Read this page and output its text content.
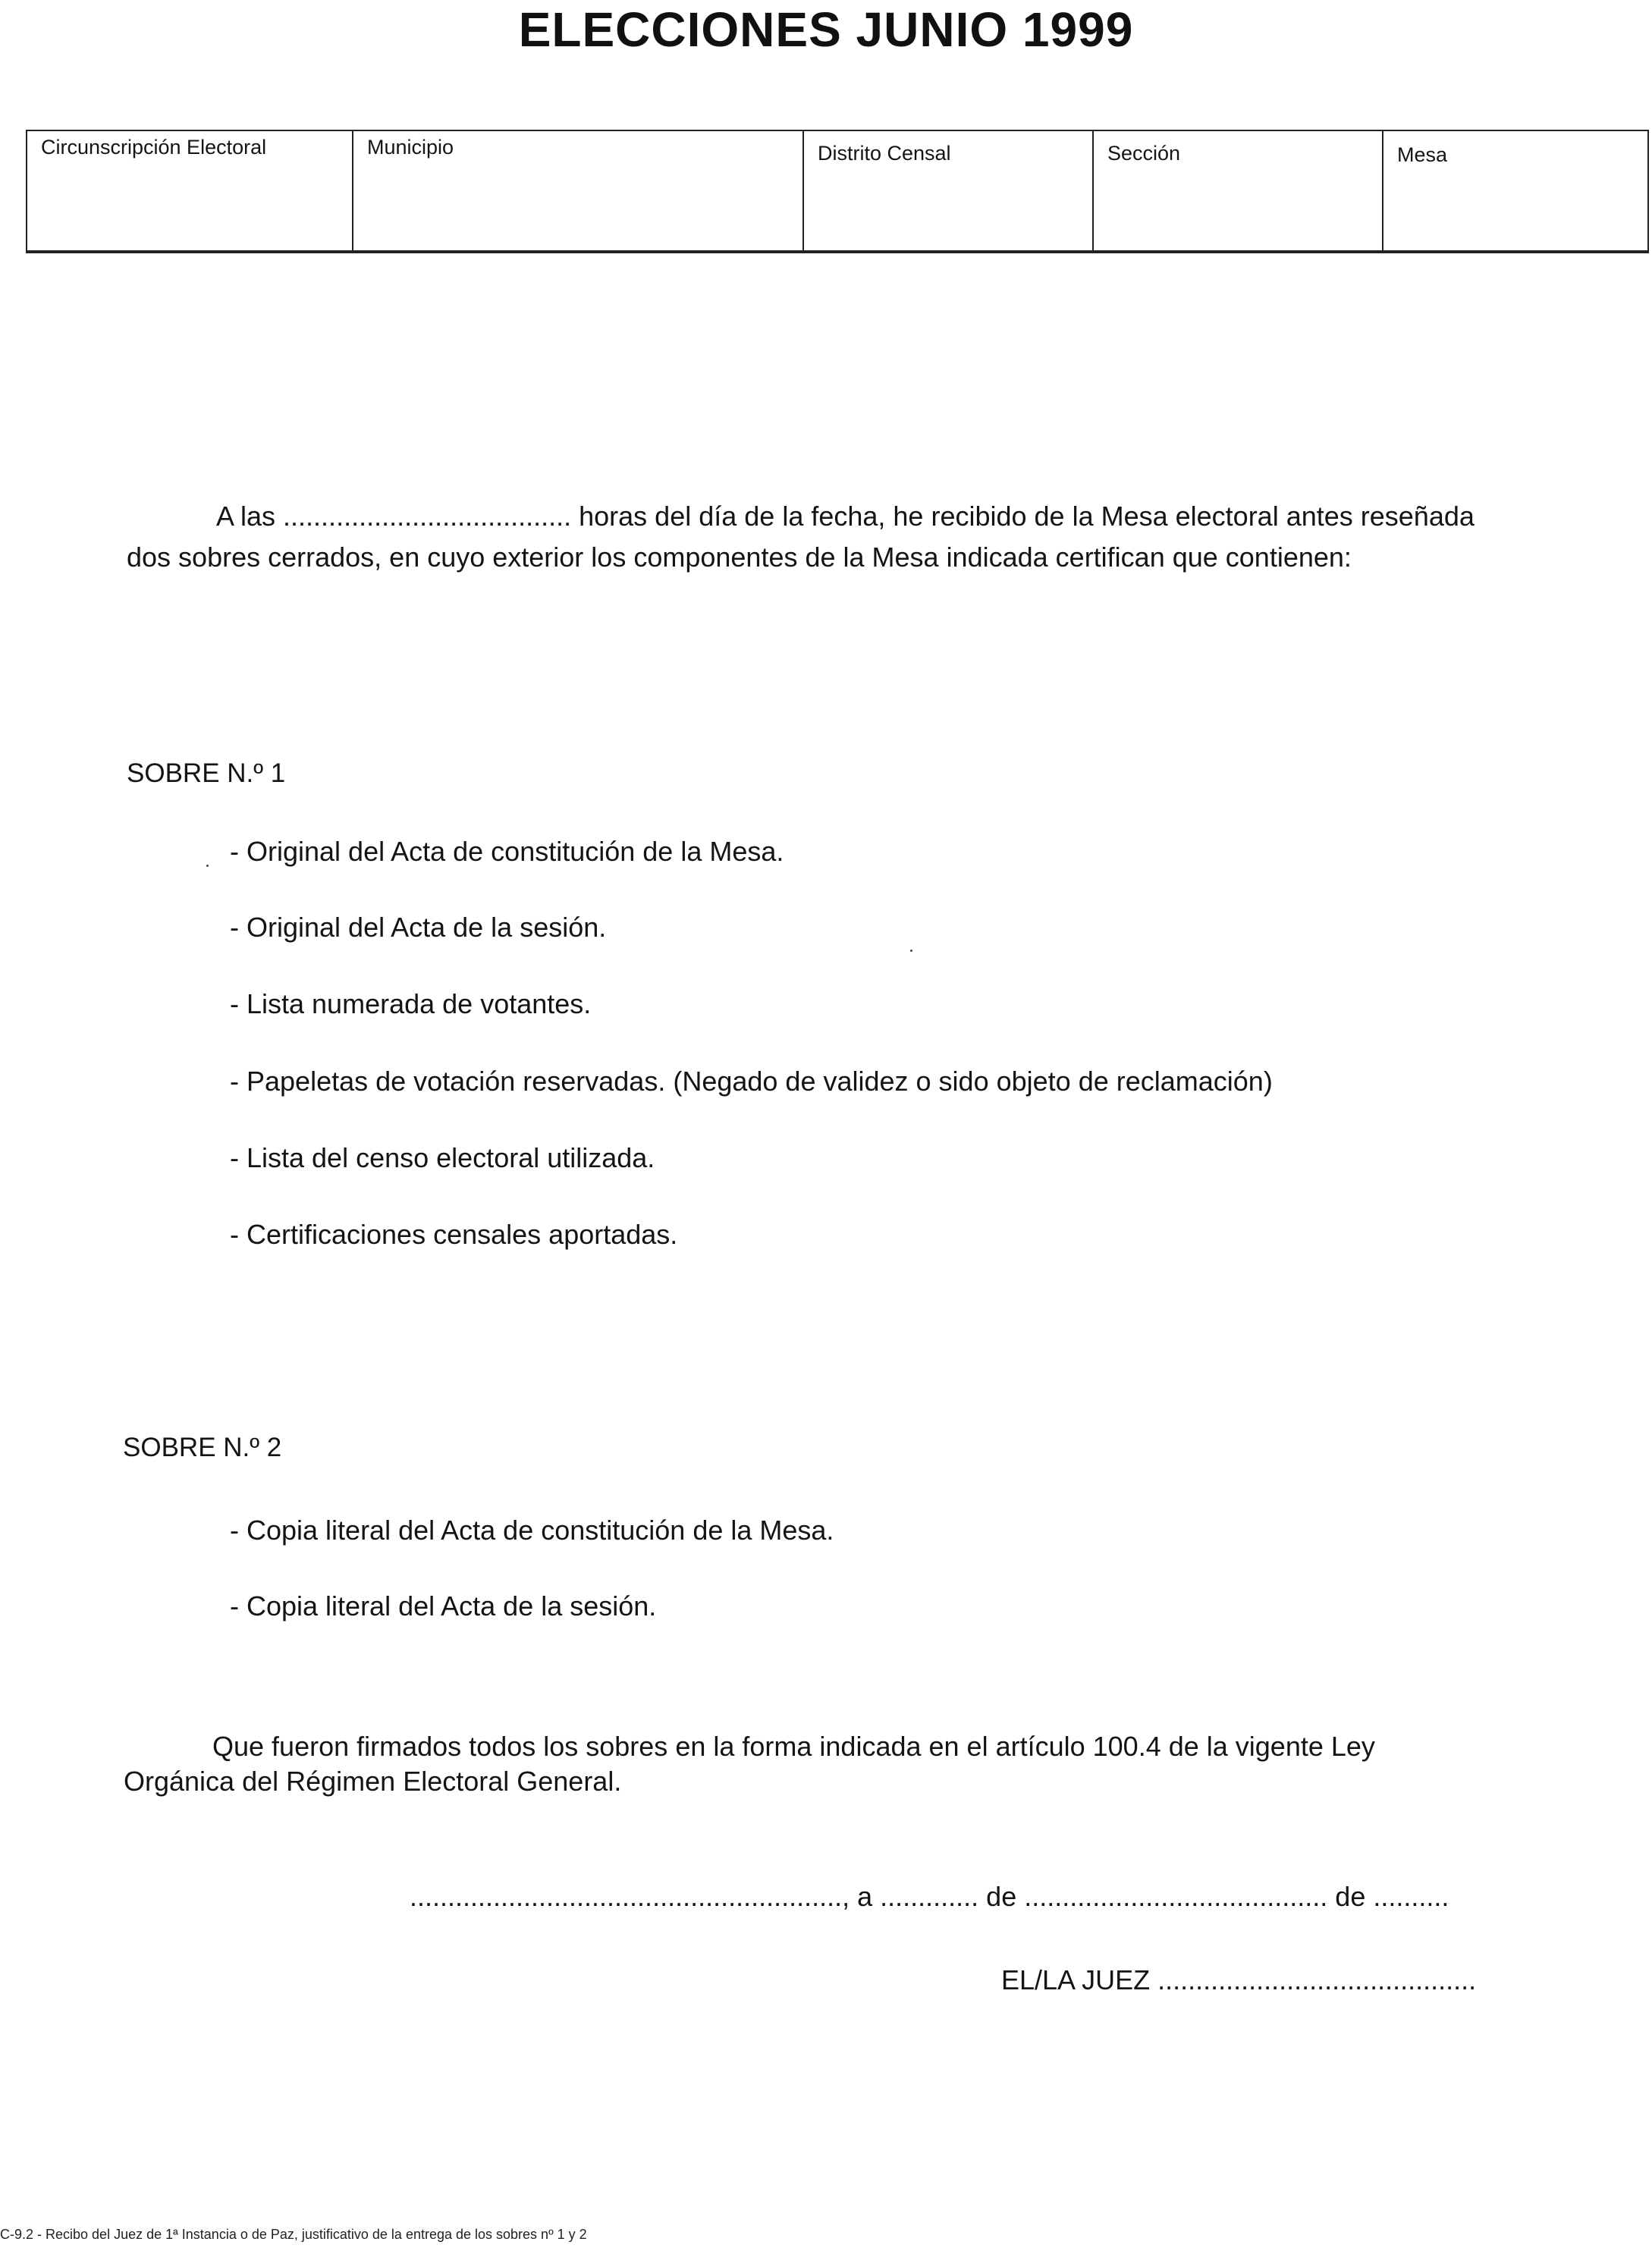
ELECCIONES JUNIO 1999
Circunscripción Electoral	Municipio	Distrito Censal	Sección	Mesa
A las ...................................... horas del día de la fecha, he recibido de la Mesa electoral antes reseñada
dos sobres cerrados, en cuyo exterior los componentes de la Mesa indicada certifican que contienen:
SOBRE N.º 1
- Original del Acta de constitución de la Mesa.
- Original del Acta de la sesión.
- Lista numerada de votantes.
- Papeletas de votación reservadas. (Negado de validez o sido objeto de reclamación)
- Lista del censo electoral utilizada.
- Certificaciones censales aportadas.
SOBRE N.º 2
- Copia literal del Acta de constitución de la Mesa.
- Copia literal del Acta de la sesión.
Que fueron firmados todos los sobres en la forma indicada en el artículo 100.4 de la vigente Ley
Orgánica del Régimen Electoral General.
........................................................., a ............. de ........................................ de ..........
EL/LA JUEZ ..........................................
C-9.2 - Recibo del Juez de 1ª Instancia o de Paz, justificativo de la entrega de los sobres nº 1 y 2
